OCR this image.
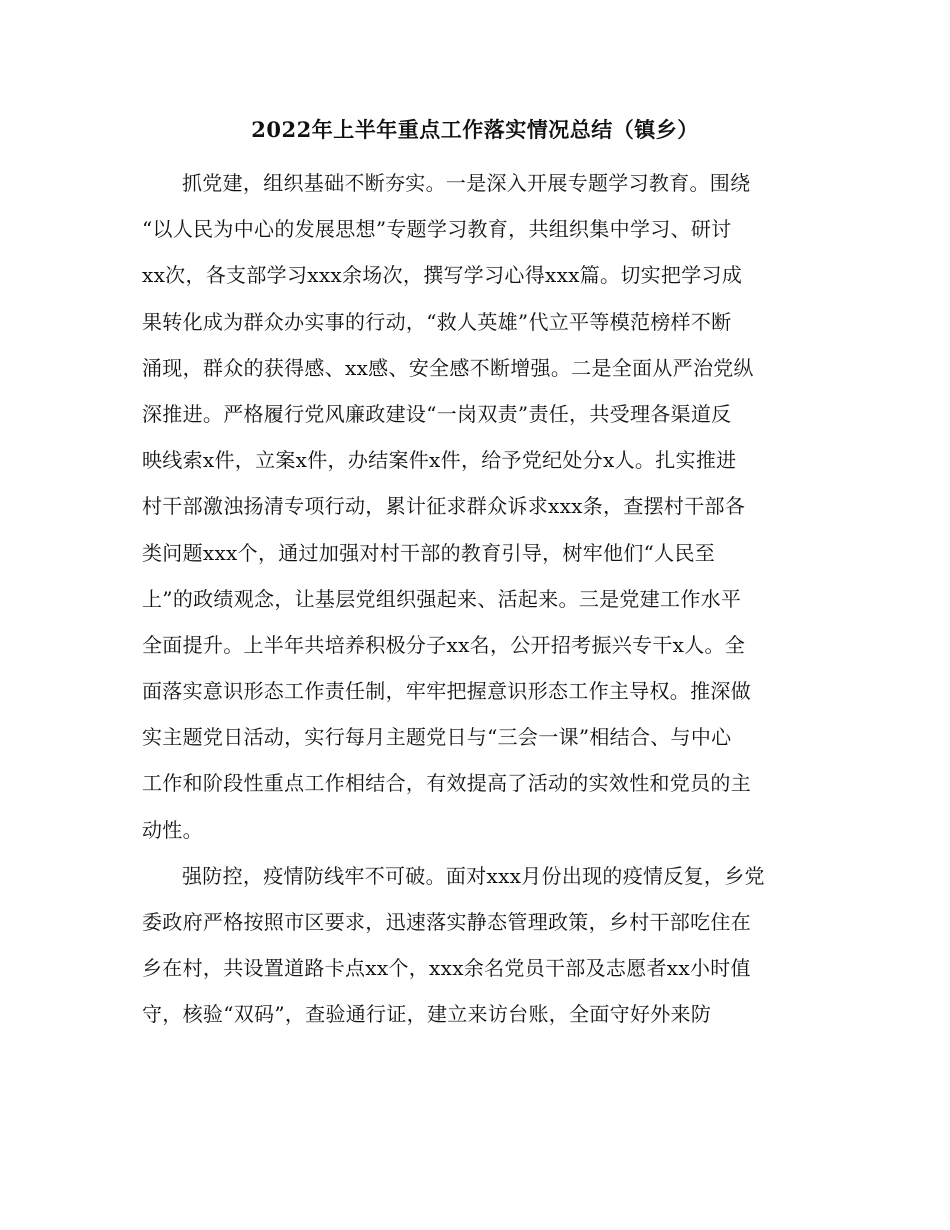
2022年上半年重点工作落实情况总结（镇乡）
抓党建，组织基础不断夯实。一是深入开展专题学习教育。围绕
“以人民为中心的发展思想”专题学习教育，共组织集中学习、研讨
xx次，各支部学习xxx余场次，撰写学习心得xxx篇。切实把学习成
果转化成为群众办实事的行动，“救人英雄”代立平等模范榜样不断
涌现，群众的获得感、xx感、安全感不断增强。二是全面从严治党纵
深推进。严格履行党风廉政建设“一岗双责”责任，共受理各渠道反
映线索x件，立案x件，办结案件x件，给予党纪处分x人。扎实推进
村干部激浊扬清专项行动，累计征求群众诉求xxx条，查摆村干部各
类问题xxx个，通过加强对村干部的教育引导，树牢他们“人民至
上”的政绩观念，让基层党组织强起来、活起来。三是党建工作水平
全面提升。上半年共培养积极分子xx名，公开招考振兴专干x人。全
面落实意识形态工作责任制，牢牢把握意识形态工作主导权。推深做
实主题党日活动，实行每月主题党日与“三会一课”相结合、与中心
工作和阶段性重点工作相结合，有效提高了活动的实效性和党员的主
动性。
强防控，疫情防线牢不可破。面对xxx月份出现的疫情反复，乡党
委政府严格按照市区要求，迅速落实静态管理政策，乡村干部吃住在
乡在村，共设置道路卡点xx个，xxx余名党员干部及志愿者xx小时值
守，核验“双码”，查验通行证，建立来访台账，全面守好外来防
